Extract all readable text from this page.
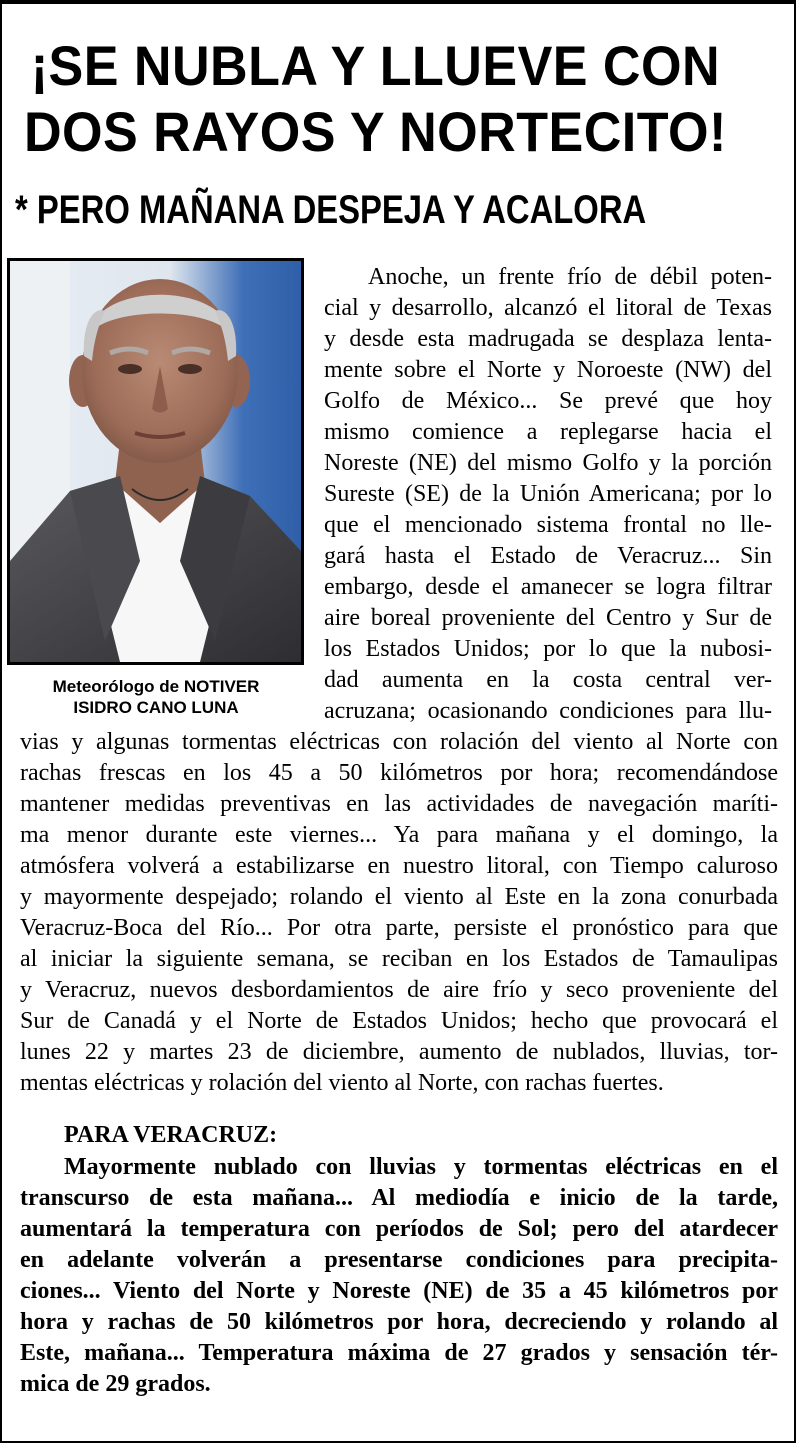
¡SE NUBLA Y LLUEVE CON
DOS RAYOS Y NORTECITO!
* PERO MAÑANA DESPEJA Y ACALORA
Meteorólogo de NOTIVER
ISIDRO CANO LUNA
Anoche, un frente frío de débil poten-
cial y desarrollo, alcanzó el litoral de Texas
y desde esta madrugada se desplaza lenta-
mente sobre el Norte y Noroeste (NW) del
Golfo de México... Se prevé que hoy
mismo comience a replegarse hacia el
Noreste (NE) del mismo Golfo y la porción
Sureste (SE) de la Unión Americana; por lo
que el mencionado sistema frontal no lle-
gará hasta el Estado de Veracruz... Sin
embargo, desde el amanecer se logra filtrar
aire boreal proveniente del Centro y Sur de
los Estados Unidos; por lo que la nubosi-
dad aumenta en la costa central ver-
acruzana; ocasionando condiciones para llu-
vias y algunas tormentas eléctricas con rolación del viento al Norte con
rachas frescas en los 45 a 50 kilómetros por hora; recomendándose
mantener medidas preventivas en las actividades de navegación maríti-
ma menor durante este viernes... Ya para mañana y el domingo, la
atmósfera volverá a estabilizarse en nuestro litoral, con Tiempo caluroso
y mayormente despejado; rolando el viento al Este en la zona conurbada
Veracruz-Boca del Río... Por otra parte, persiste el pronóstico para que
al iniciar la siguiente semana, se reciban en los Estados de Tamaulipas
y Veracruz, nuevos desbordamientos de aire frío y seco proveniente del
Sur de Canadá y el Norte de Estados Unidos; hecho que provocará el
lunes 22 y martes 23 de diciembre, aumento de nublados, lluvias, tor-
mentas eléctricas y rolación del viento al Norte, con rachas fuertes.
PARA VERACRUZ:
Mayormente nublado con lluvias y tormentas eléctricas en el
transcurso de esta mañana... Al mediodía e inicio de la tarde,
aumentará la temperatura con períodos de Sol; pero del atardecer
en adelante volverán a presentarse condiciones para precipita-
ciones... Viento del Norte y Noreste (NE) de 35 a 45 kilómetros por
hora y rachas de 50 kilómetros por hora, decreciendo y rolando al
Este, mañana... Temperatura máxima de 27 grados y sensación tér-
mica de 29 grados.
